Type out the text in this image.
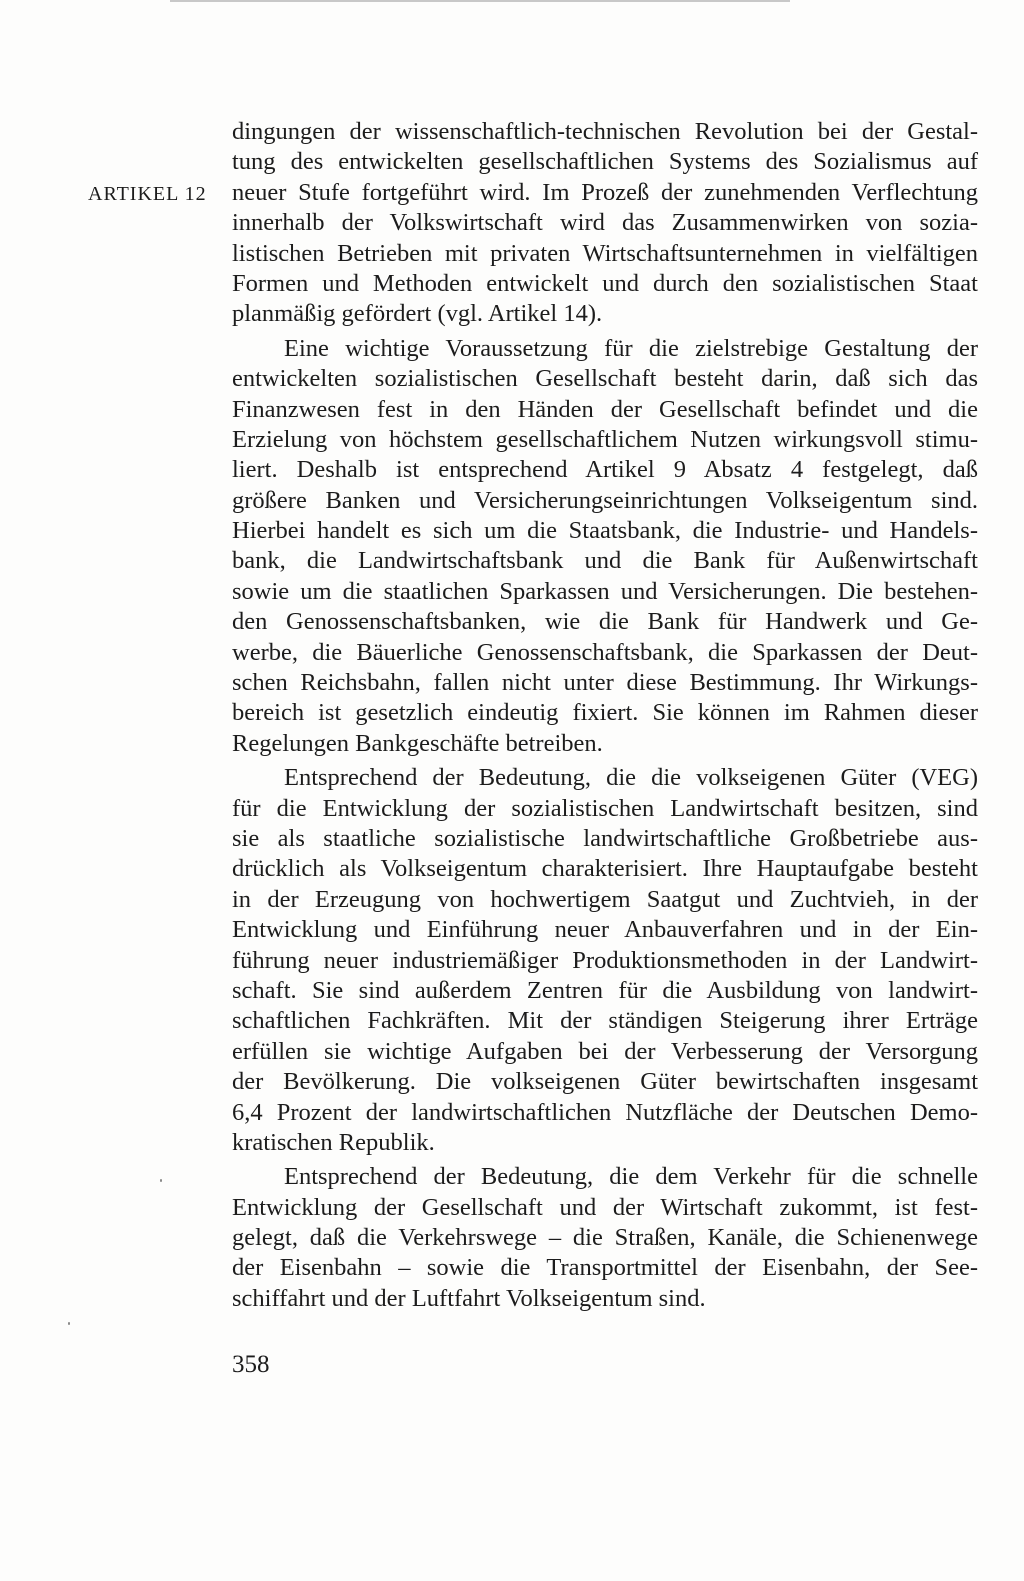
ARTIKEL 12
dingungen der wissenschaftlich-technischen Revolution bei der Gestal-
tung des entwickelten gesellschaftlichen Systems des Sozialismus auf
neuer Stufe fortgeführt wird. Im Prozeß der zunehmenden Verflechtung
innerhalb der Volkswirtschaft wird das Zusammenwirken von sozia-
listischen Betrieben mit privaten Wirtschaftsunternehmen in vielfältigen
Formen und Methoden entwickelt und durch den sozialistischen Staat
planmäßig gefördert (vgl. Artikel 14).
Eine wichtige Voraussetzung für die zielstrebige Gestaltung der
entwickelten sozialistischen Gesellschaft besteht darin, daß sich das
Finanzwesen fest in den Händen der Gesellschaft befindet und die
Erzielung von höchstem gesellschaftlichem Nutzen wirkungsvoll stimu-
liert. Deshalb ist entsprechend Artikel 9 Absatz 4 festgelegt, daß
größere Banken und Versicherungseinrichtungen Volkseigentum sind.
Hierbei handelt es sich um die Staatsbank, die Industrie- und Handels-
bank, die Landwirtschaftsbank und die Bank für Außenwirtschaft
sowie um die staatlichen Sparkassen und Versicherungen. Die bestehen-
den Genossenschaftsbanken, wie die Bank für Handwerk und Ge-
werbe, die Bäuerliche Genossenschaftsbank, die Sparkassen der Deut-
schen Reichsbahn, fallen nicht unter diese Bestimmung. Ihr Wirkungs-
bereich ist gesetzlich eindeutig fixiert. Sie können im Rahmen dieser
Regelungen Bankgeschäfte betreiben.
Entsprechend der Bedeutung, die die volkseigenen Güter (VEG)
für die Entwicklung der sozialistischen Landwirtschaft besitzen, sind
sie als staatliche sozialistische landwirtschaftliche Großbetriebe aus-
drücklich als Volkseigentum charakterisiert. Ihre Hauptaufgabe besteht
in der Erzeugung von hochwertigem Saatgut und Zuchtvieh, in der
Entwicklung und Einführung neuer Anbauverfahren und in der Ein-
führung neuer industriemäßiger Produktionsmethoden in der Landwirt-
schaft. Sie sind außerdem Zentren für die Ausbildung von landwirt-
schaftlichen Fachkräften. Mit der ständigen Steigerung ihrer Erträge
erfüllen sie wichtige Aufgaben bei der Verbesserung der Versorgung
der Bevölkerung. Die volkseigenen Güter bewirtschaften insgesamt
6,4 Prozent der landwirtschaftlichen Nutzfläche der Deutschen Demo-
kratischen Republik.
Entsprechend der Bedeutung, die dem Verkehr für die schnelle
Entwicklung der Gesellschaft und der Wirtschaft zukommt, ist fest-
gelegt, daß die Verkehrswege – die Straßen, Kanäle, die Schienenwege
der Eisenbahn – sowie die Transportmittel der Eisenbahn, der See-
schiffahrt und der Luftfahrt Volkseigentum sind.
358
